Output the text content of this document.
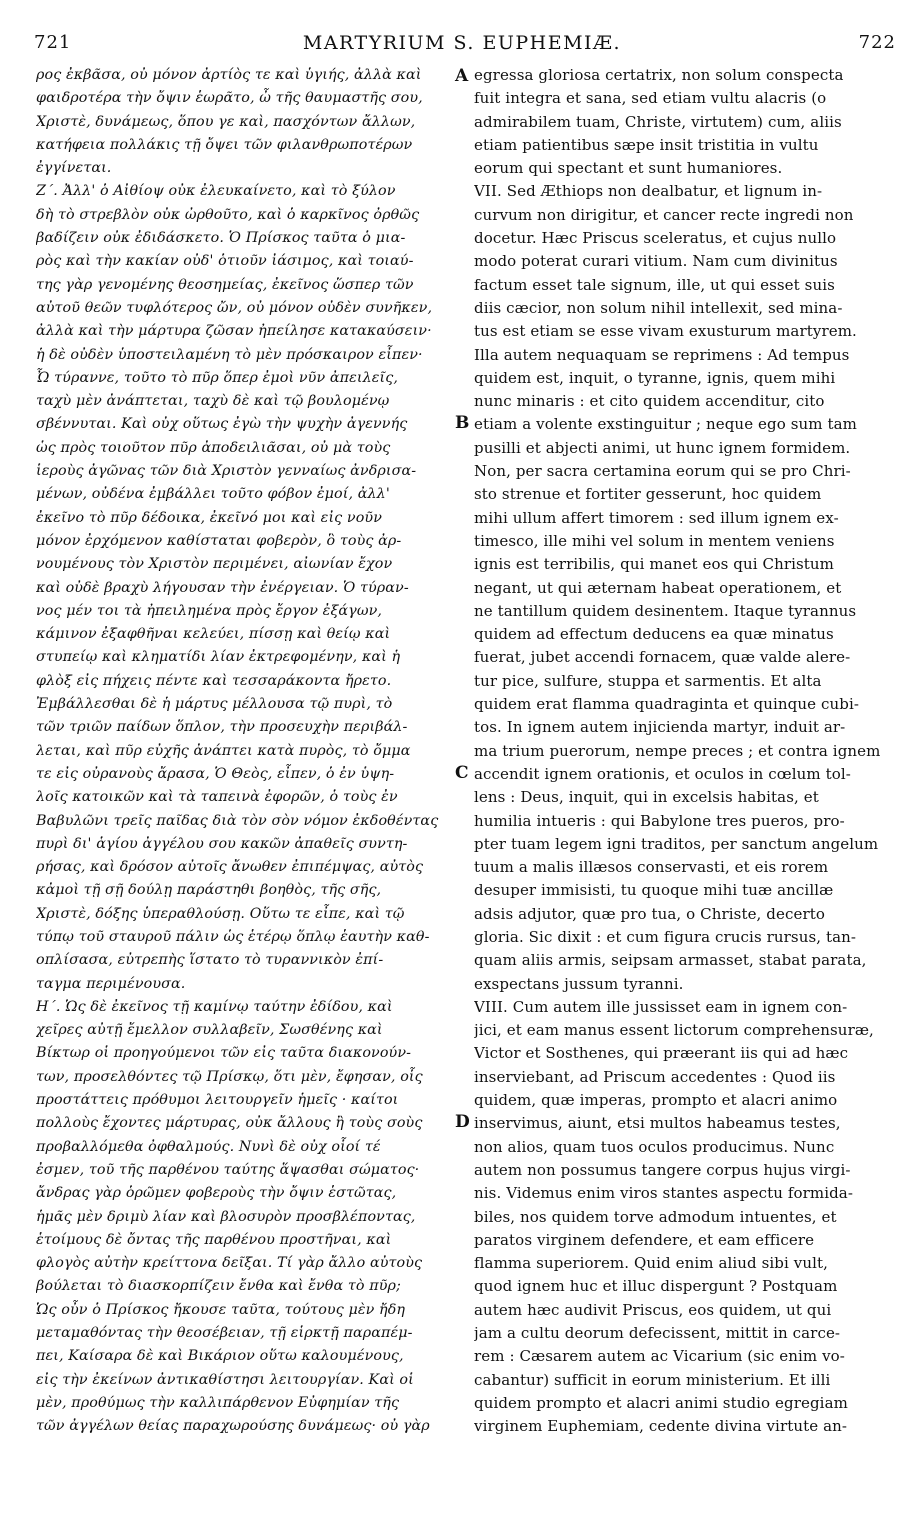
721	MARTYRIUM S. EUPHEMIÆ.	722
ρος ἐκβᾶσα, οὐ μόνον ἀρτίὸς τε καὶ ὑγιής, ἀλλὰ καὶ
φαιδροτέρα τὴν ὄψιν ἑωρᾶτο, ὦ τῆς θαυμαστῆς σου,
Χριστὲ, δυνάμεως, ὅπου γε καὶ, πασχόντων ἄλλων,
κατήφεια πολλάκις τῇ ὄψει τῶν φιλανθρωποτέρων
ἐγγίνεται.
Ζ΄. Ἀλλ' ὁ Αἰθίοψ οὐκ ἐλευκαίνετο, καὶ τὸ ξύλον
δὴ τὸ στρεβλὸν οὐκ ὠρθοῦτο, καὶ ὁ καρκῖνος ὀρθῶς
βαδίζειν οὐκ ἐδιδάσκετο. Ὁ Πρίσκος ταῦτα ὁ μια-
ρὸς καὶ τὴν κακίαν οὐδ' ὁτιοῦν ἰάσιμος, καὶ τοιαύ-
της γὰρ γενομένης θεοσημείας, ἐκεῖνος ὥσπερ τῶν
αὐτοῦ θεῶν τυφλότερος ὤν, οὐ μόνον οὐδὲν συνῆκεν,
ἀλλὰ καὶ τὴν μάρτυρα ζῶσαν ἠπείλησε κατακαύσειν·
ἡ δὲ οὐδὲν ὑποστειλαμένη τὸ μὲν πρόσκαιρον εἶπεν·
Ὦ τύραννε, τοῦτο τὸ πῦρ ὅπερ ἐμοὶ νῦν ἀπειλεῖς,
ταχὺ μὲν ἀνάπτεται, ταχὺ δὲ καὶ τῷ βουλομένῳ
σβέννυται. Καὶ οὐχ οὕτως ἐγὼ τὴν ψυχὴν ἀγεννής
ὡς πρὸς τοιοῦτον πῦρ ἀποδειλιᾶσαι, οὐ μὰ τοὺς
ἱεροὺς ἀγῶνας τῶν διὰ Χριστὸν γενναίως ἀνδρισα-
μένων, οὐδένα ἐμβάλλει τοῦτο φόβον ἐμοί, ἀλλ'
ἐκεῖνο τὸ πῦρ δέδοικα, ἐκεῖνό μοι καὶ εἰς νοῦν
μόνον ἐρχόμενον καθίσταται φοβερὸν, ὃ τοὺς ἀρ-
νουμένους τὸν Χριστὸν περιμένει, αἰωνίαν ἔχον
καὶ οὐδὲ βραχὺ λήγουσαν τὴν ἐνέργειαν. Ὁ τύραν-
νος μέν τοι τὰ ἠπειλημένα πρὸς ἔργον ἐξάγων,
κάμινον ἐξαφθῆναι κελεύει, πίσσῃ καὶ θείῳ καὶ
στυπείῳ καὶ κληματίδι λίαν ἐκτρεφομένην, καὶ ἡ
φλὸξ εἰς πήχεις πέντε καὶ τεσσαράκοντα ἤρετο.
Ἐμβάλλεσθαι δὲ ἡ μάρτυς μέλλουσα τῷ πυρὶ, τὸ
τῶν τριῶν παίδων ὅπλον, τὴν προσευχὴν περιβάλ-
λεται, καὶ πῦρ εὐχῆς ἀνάπτει κατὰ πυρὸς, τὸ ὄμμα
τε εἰς οὐρανοὺς ἄρασα, Ὁ Θεὸς, εἶπεν, ὁ ἐν ὑψη-
λοῖς κατοικῶν καὶ τὰ ταπεινὰ ἐφορῶν, ὁ τοὺς ἐν
Βαβυλῶνι τρεῖς παῖδας διὰ τὸν σὸν νόμον ἐκδοθέντας
πυρὶ δι' ἁγίου ἀγγέλου σου κακῶν ἀπαθεῖς συντη-
ρήσας, καὶ δρόσον αὐτοῖς ἄνωθεν ἐπιπέμψας, αὐτὸς
κἀμοὶ τῇ σῇ δούλῃ παράστηθι βοηθὸς, τῆς σῆς,
Χριστὲ, δόξης ὑπεραθλούσῃ. Οὕτω τε εἶπε, καὶ τῷ
τύπῳ τοῦ σταυροῦ πάλιν ὡς ἑτέρῳ ὅπλῳ ἑαυτὴν καθ-
οπλίσασα, εὐτρεπὴς ἵστατο τὸ τυραννικὸν ἐπί-
ταγμα περιμένουσα.
Η΄. Ὡς δὲ ἐκεῖνος τῇ καμίνῳ ταύτην ἐδίδου, καὶ
χεῖρες αὐτῇ ἔμελλον συλλαβεῖν, Σωσθένης καὶ
Βίκτωρ οἱ προηγούμενοι τῶν εἰς ταῦτα διακονούν-
των, προσελθόντες τῷ Πρίσκῳ, ὅτι μὲν, ἔφησαν, οἷς
προστάττεις πρόθυμοι λειτουργεῖν ἡμεῖς · καίτοι
πολλοὺς ἔχοντες μάρτυρας, οὐκ ἄλλους ἢ τοὺς σοὺς
προβαλλόμεθα ὀφθαλμούς. Νυνὶ δὲ οὐχ οἷοί τέ
ἐσμεν, τοῦ τῆς παρθένου ταύτης ἅψασθαι σώματος·
ἄνδρας γὰρ ὁρῶμεν φοβεροὺς τὴν ὄψιν ἑστῶτας,
ἡμᾶς μὲν δριμὺ λίαν καὶ βλοσυρὸν προσβλέποντας,
ἑτοίμους δὲ ὄντας τῆς παρθένου προστῆναι, καὶ
φλογὸς αὐτὴν κρείττονα δεῖξαι. Τί γὰρ ἄλλο αὐτοὺς
βούλεται τὸ διασκορπίζειν ἔνθα καὶ ἔνθα τὸ πῦρ;
Ὡς οὖν ὁ Πρίσκος ἤκουσε ταῦτα, τούτους μὲν ἤδη
μεταμαθόντας τὴν θεοσέβειαν, τῇ εἱρκτῇ παραπέμ-
πει, Καίσαρα δὲ καὶ Βικάριον οὕτω καλουμένους,
εἰς τὴν ἐκείνων ἀντικαθίστησι λειτουργίαν. Καὶ οἱ
μὲν, προθύμως τὴν καλλιπάρθενον Εὐφημίαν τῆς
τῶν ἀγγέλων θείας παραχωρούσης δυνάμεως· οὐ γὰρ
A
B
C
D
egressa gloriosa certatrix, non solum conspecta
fuit integra et sana, sed etiam vultu alacris (o
admirabilem tuam, Christe, virtutem) cum, aliis
etiam patientibus sæpe insit tristitia in vultu
eorum qui spectant et sunt humaniores.
VII. Sed Æthiops non dealbatur, et lignum in-
curvum non dirigitur, et cancer recte ingredi non
docetur. Hæc Priscus sceleratus, et cujus nullo
modo poterat curari vitium. Nam cum divinitus
factum esset tale signum, ille, ut qui esset suis
diis cæcior, non solum nihil intellexit, sed mina-
tus est etiam se esse vivam exusturum martyrem.
Illa autem nequaquam se reprimens : Ad tempus
quidem est, inquit, o tyranne, ignis, quem mihi
nunc minaris : et cito quidem accenditur, cito
etiam a volente exstinguitur ; neque ego sum tam
pusilli et abjecti animi, ut hunc ignem formidem.
Non, per sacra certamina eorum qui se pro Chri-
sto strenue et fortiter gesserunt, hoc quidem
mihi ullum affert timorem : sed illum ignem ex-
timesco, ille mihi vel solum in mentem veniens
ignis est terribilis, qui manet eos qui Christum
negant, ut qui æternam habeat operationem, et
ne tantillum quidem desinentem. Itaque tyrannus
quidem ad effectum deducens ea quæ minatus
fuerat, jubet accendi fornacem, quæ valde alere-
tur pice, sulfure, stuppa et sarmentis. Et alta
quidem erat flamma quadraginta et quinque cubi-
tos. In ignem autem injicienda martyr, induit ar-
ma trium puerorum, nempe preces ; et contra ignem
accendit ignem orationis, et oculos in cœlum tol-
lens : Deus, inquit, qui in excelsis habitas, et
humilia intueris : qui Babylone tres pueros, pro-
pter tuam legem igni traditos, per sanctum angelum
tuum a malis illæsos conservasti, et eis rorem
desuper immisisti, tu quoque mihi tuæ ancillæ
adsis adjutor, quæ pro tua, o Christe, decerto
gloria. Sic dixit : et cum figura crucis rursus, tan-
quam aliis armis, seipsam armasset, stabat parata,
exspectans jussum tyranni.
VIII. Cum autem ille jussisset eam in ignem con-
jici, et eam manus essent lictorum comprehensuræ,
Victor et Sosthenes, qui præerant iis qui ad hæc
inserviebant, ad Priscum accedentes : Quod iis
quidem, quæ imperas, prompto et alacri animo
inservimus, aiunt, etsi multos habeamus testes,
non alios, quam tuos oculos producimus. Nunc
autem non possumus tangere corpus hujus virgi-
nis. Videmus enim viros stantes aspectu formida-
biles, nos quidem torve admodum intuentes, et
paratos virginem defendere, et eam efficere
flamma superiorem. Quid enim aliud sibi vult,
quod ignem huc et illuc dispergunt ? Postquam
autem hæc audivit Priscus, eos quidem, ut qui
jam a cultu deorum defecissent, mittit in carce-
rem : Cæsarem autem ac Vicarium (sic enim vo-
cabantur) sufficit in eorum ministerium. Et illi
quidem prompto et alacri animi studio egregiam
virginem Euphemiam, cedente divina virtute an-
